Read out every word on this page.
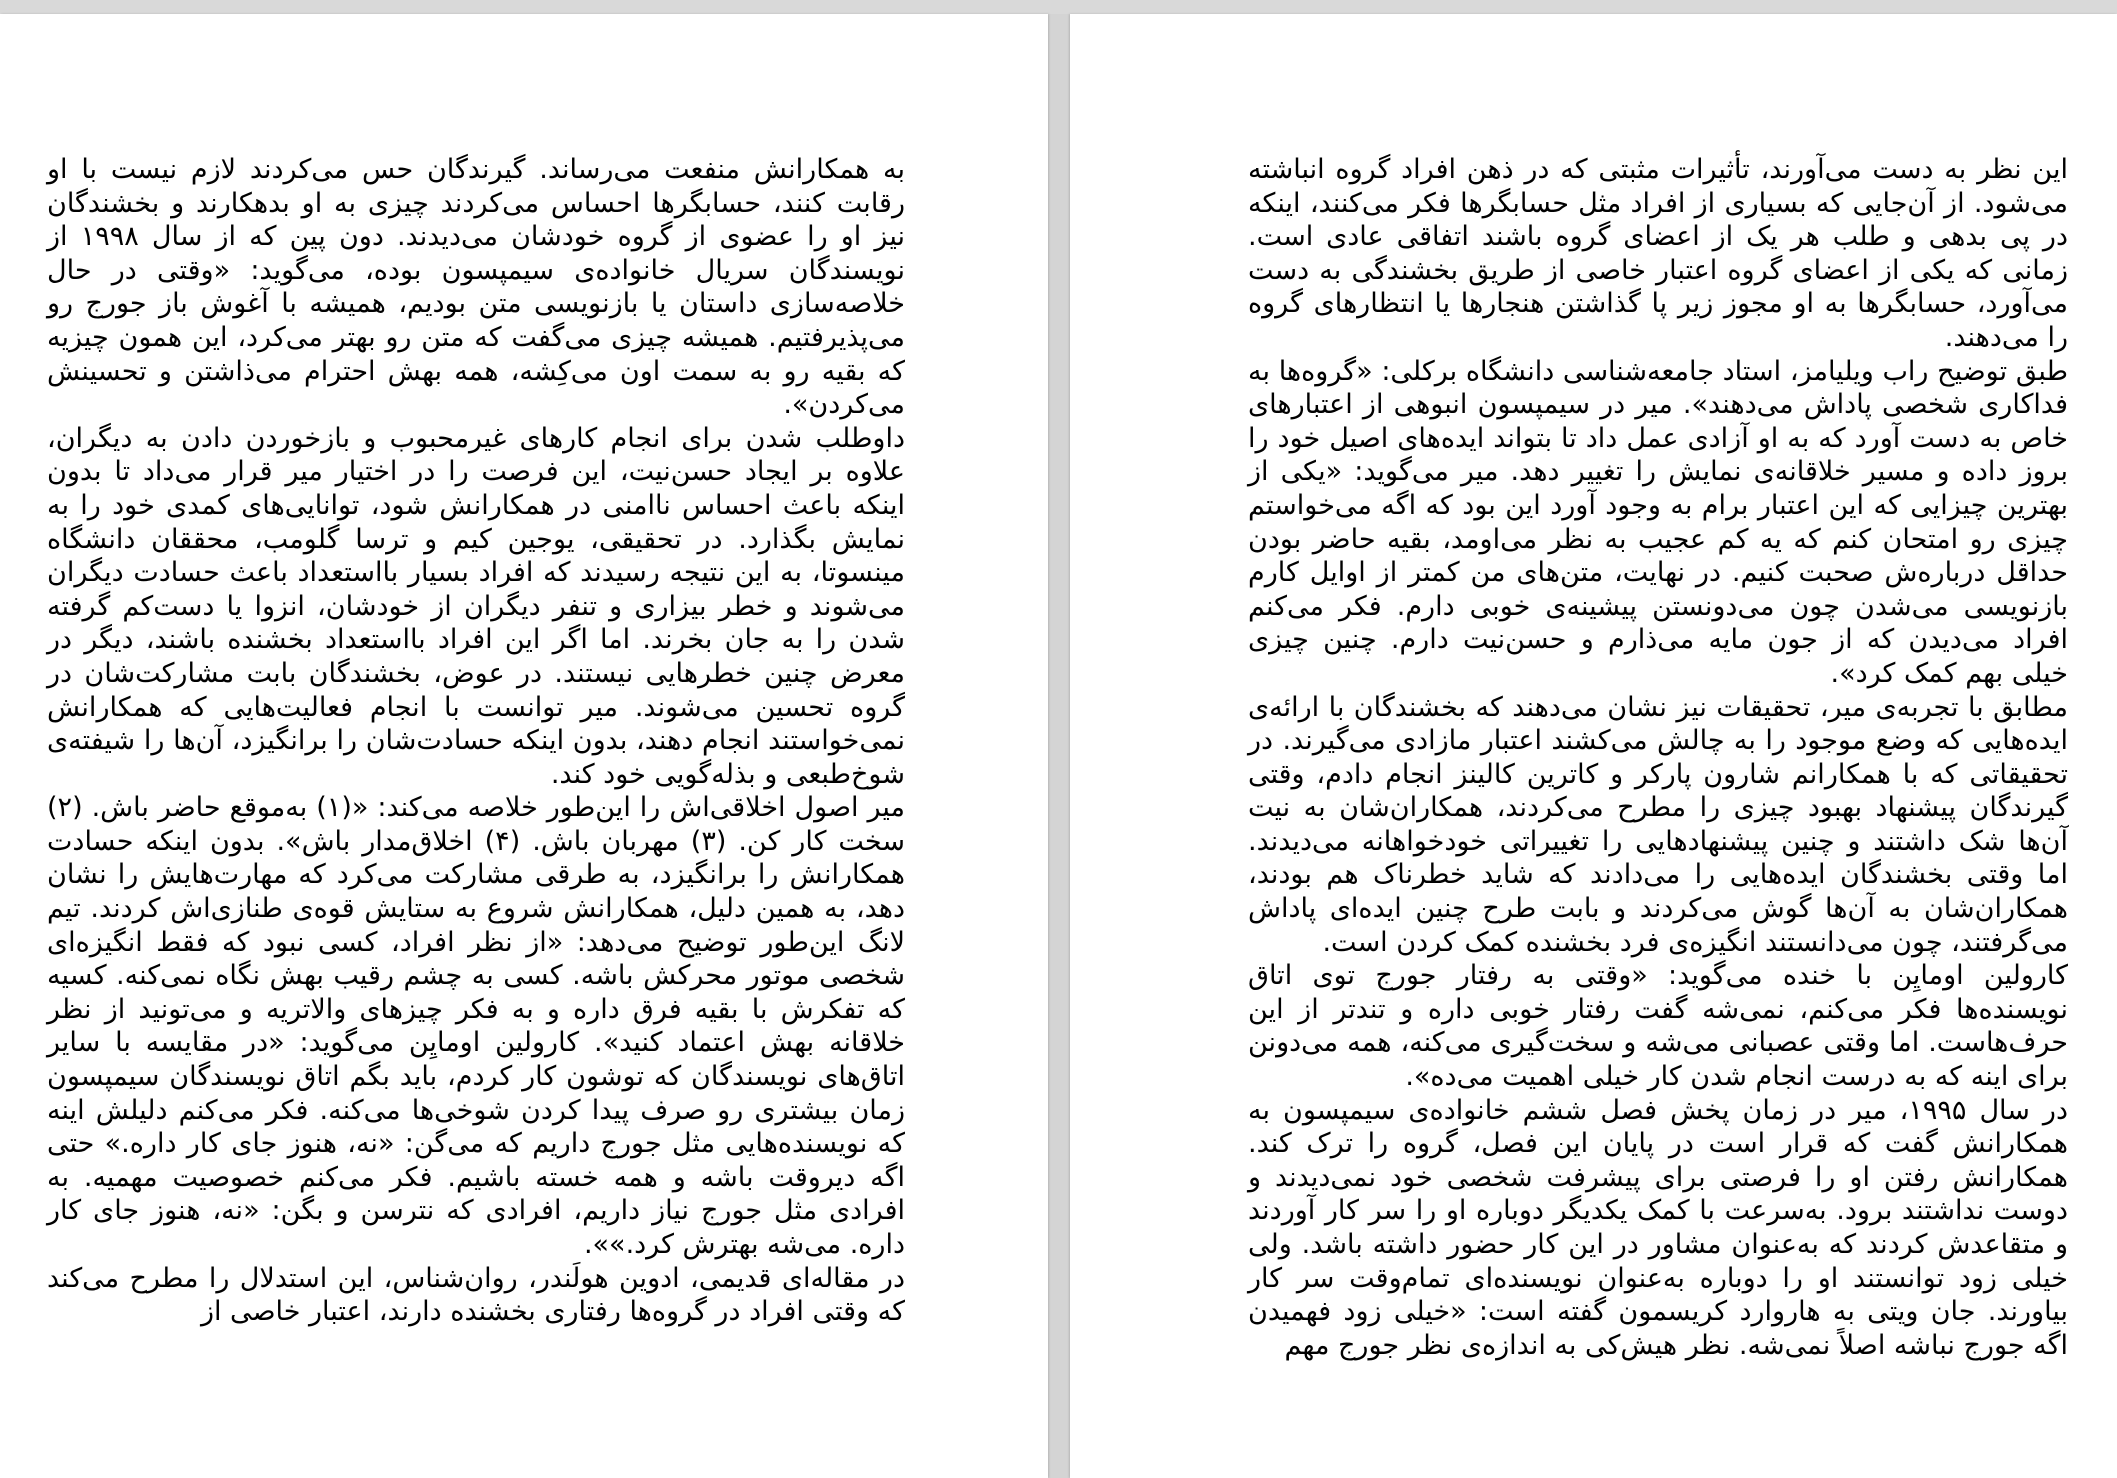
به همکارانش منفعت می‌رساند. گیرندگان حس می‌کردند لازم نیست با او رقابت کنند، حسابگرها احساس می‌کردند چیزی به او بدهکارند و بخشندگان نیز او را عضوی از گروه خودشان می‌دیدند. دون پین که از سال ۱۹۹۸ از نویسندگان سریال خانواده‌ی سیمپسون بوده، می‌گوید: «وقتی در حال خلاصه‌سازی داستان یا بازنویسی متن بودیم، همیشه با آغوش باز جورج رو می‌پذیرفتیم. همیشه چیزی می‌گفت که متن رو بهتر می‌کرد، این همون چیزیه که بقیه رو به سمت اون می‌کِشه، همه بهش احترام می‌ذاشتن و تحسینش می‌کردن».

داوطلب شدن برای انجام کارهای غیرمحبوب و بازخوردن دادن به دیگران، علاوه بر ایجاد حسن‌نیت، این فرصت را در اختیار میر قرار می‌داد تا بدون اینکه باعث احساس ناامنی در همکارانش شود، توانایی‌های کمدی خود را به نمایش بگذارد. در تحقیقی، یوجین کیم و ترسا گلومب، محققان دانشگاه مینسوتا، به این نتیجه رسیدند که افراد بسیار بااستعداد باعث حسادت دیگران می‌شوند و خطر بیزاری و تنفر دیگران از خودشان، انزوا یا دست‌کم گرفته شدن را به جان بخرند. اما اگر این افراد بااستعداد بخشنده باشند، دیگر در معرض چنین خطرهایی نیستند. در عوض، بخشندگان بابت مشارکت‌شان در گروه تحسین می‌شوند. میر توانست با انجام فعالیت‌هایی که همکارانش نمی‌خواستند انجام دهند، بدون اینکه حسادت‌شان را برانگیزد، آن‌ها را شیفته‌ی شوخ‌طبعی و بذله‌گویی خود کند.

میر اصول اخلاقی‌اش را این‌طور خلاصه می‌کند: «(۱) به‌موقع حاضر باش. (۲) سخت کار کن. (۳) مهربان باش. (۴) اخلاق‌مدار باش». بدون اینکه حسادت همکارانش را برانگیزد، به طرقی مشارکت می‌کرد که مهارت‌هایش را نشان دهد، به همین دلیل، همکارانش شروع به ستایش قوه‌ی طنازی‌اش کردند. تیم لانگ این‌طور توضیح می‌دهد: «از نظر افراد، کسی نبود که فقط انگیزه‌ای شخصی موتور محرکش باشه. کسی به چشم رقیب بهش نگاه نمی‌کنه. کسیه که تفکرش با بقیه فرق داره و به فکر چیزهای والاتریه و می‌تونید از نظر خلاقانه بهش اعتماد کنید». کارولین اومایِن می‌گوید: «در مقایسه با سایر اتاق‌های نویسندگان که توشون کار کردم، باید بگم اتاق نویسندگان سیمپسون زمان بیشتری رو صرف پیدا کردن شوخی‌ها می‌کنه. فکر می‌کنم دلیلش اینه که نویسنده‌هایی مثل جورج داریم که می‌گن: «نه، هنوز جای کار داره.» حتی اگه دیروقت باشه و همه خسته باشیم. فکر می‌کنم خصوصیت مهمیه. به افرادی مثل جورج نیاز داریم، افرادی که نترسن و بگن: «نه، هنوز جای کار داره. می‌شه بهترش کرد.»».

در مقاله‌ای قدیمی، ادوین هولَندر، روان‌شناس، این استدلال را مطرح می‌کند که وقتی افراد در گروه‌ها رفتاری بخشنده دارند، اعتبار خاصی از

این نظر به دست می‌آورند، تأثیرات مثبتی که در ذهن افراد گروه انباشته می‌شود. از آن‌جایی که بسیاری از افراد مثل حسابگرها فکر می‌کنند، اینکه در پی بدهی و طلب هر یک از اعضای گروه باشند اتفاقی عادی است. زمانی که یکی از اعضای گروه اعتبار خاصی از طریق بخشندگی به دست می‌آورد، حسابگرها به او مجوز زیر پا گذاشتن هنجارها یا انتظارهای گروه را می‌دهند.

طبق توضیح راب ویلیامز، استاد جامعه‌شناسی دانشگاه برکلی: «گروه‌ها به فداکاری شخصی پاداش می‌دهند». میر در سیمپسون انبوهی از اعتبارهای خاص به دست آورد که به او آزادی عمل داد تا بتواند ایده‌های اصیل خود را بروز داده و مسیر خلاقانه‌ی نمایش را تغییر دهد. میر می‌گوید: «یکی از بهترین چیزایی که این اعتبار برام به وجود آورد این بود که اگه می‌خواستم چیزی رو امتحان کنم که یه کم عجیب به نظر می‌اومد، بقیه حاضر بودن حداقل درباره‌ش صحبت کنیم. در نهایت، متن‌های من کمتر از اوایل کارم بازنویسی می‌شدن چون می‌دونستن پیشینه‌ی خوبی دارم. فکر می‌کنم افراد می‌دیدن که از جون مایه می‌ذارم و حسن‌نیت دارم. چنین چیزی خیلی بهم کمک کرد».

مطابق با تجربه‌ی میر، تحقیقات نیز نشان می‌دهند که بخشندگان با ارائه‌ی ایده‌هایی که وضع موجود را به چالش می‌کشند اعتبار مازادی می‌گیرند. در تحقیقاتی که با همکارانم شارون پارکر و کاترین کالینز انجام دادم، وقتی گیرندگان پیشنهاد بهبود چیزی را مطرح می‌کردند، همکاران‌شان به نیت آن‌ها شک داشتند و چنین پیشنهادهایی را تغییراتی خودخواهانه می‌دیدند. اما وقتی بخشندگان ایده‌هایی را می‌دادند که شاید خطرناک هم بودند، همکاران‌شان به آن‌ها گوش می‌کردند و بابت طرح چنین ایده‌ای پاداش می‌گرفتند، چون می‌دانستند انگیزه‌ی فرد بخشنده کمک کردن است.

کارولین اومایِن با خنده می‌گوید: «وقتی به رفتار جورج توی اتاق نویسنده‌ها فکر می‌کنم، نمی‌شه گفت رفتار خوبی داره و تندتر از این حرف‌هاست. اما وقتی عصبانی می‌شه و سخت‌گیری می‌کنه، همه می‌دونن برای اینه که به درست انجام شدن کار خیلی اهمیت می‌ده».

در سال ۱۹۹۵، میر در زمان پخش فصل ششم خانواده‌ی سیمپسون به همکارانش گفت که قرار است در پایان این فصل، گروه را ترک کند. همکارانش رفتن او را فرصتی برای پیشرفت شخصی خود نمی‌دیدند و دوست نداشتند برود. به‌سرعت با کمک یکدیگر دوباره او را سر کار آوردند و متقاعدش کردند که به‌عنوان مشاور در این کار حضور داشته باشد. ولی خیلی زود توانستند او را دوباره به‌عنوان نویسنده‌ای تمام‌وقت سر کار بیاورند. جان ویتی به هاروارد کریسمون گفته است: «خیلی زود فهمیدن اگه جورج نباشه اصلاً نمی‌شه. نظر هیش‌کی به اندازه‌ی نظر جورج مهم
